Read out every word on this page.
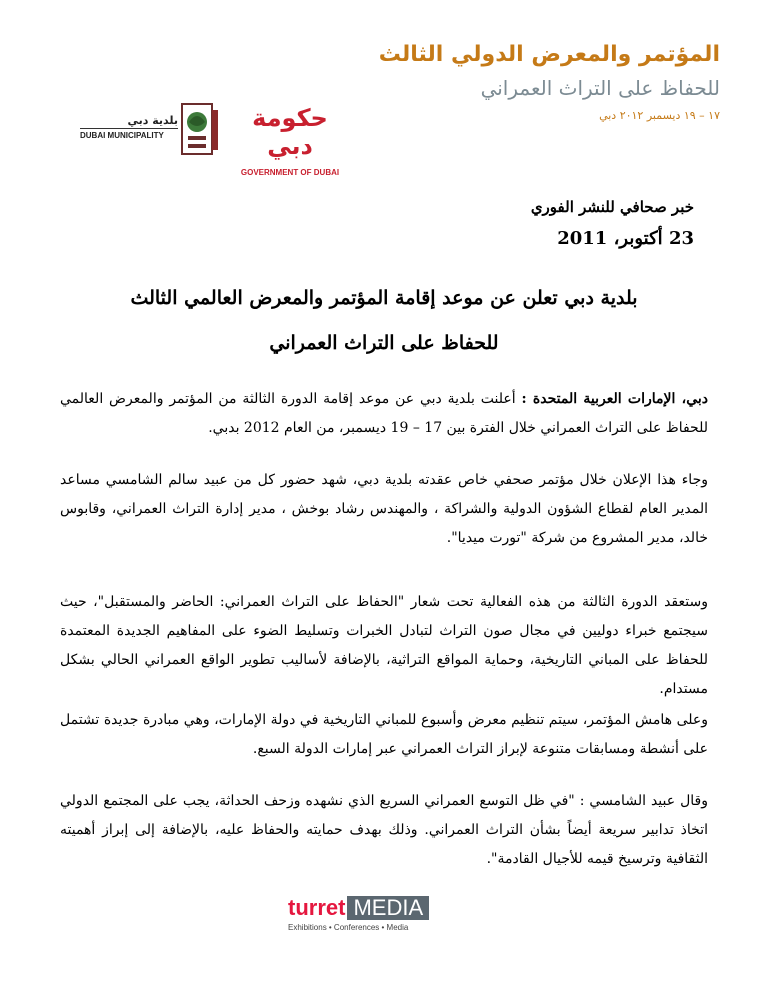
بلدية دبي
DUBAI MUNICIPALITY
حكومة دبي
GOVERNMENT OF DUBAI
المؤتمر والمعرض الدولي الثالث
للحفاظ على التراث العمراني
١٧ – ١٩ ديسمبر ٢٠١٢ دبي
خبر صحافي للنشر الفوري
23 أكتوبر، 2011
بلدية دبي تعلن عن موعد إقامة المؤتمر والمعرض العالمي الثالث
للحفاظ على التراث العمراني
دبي، الإمارات العربية المتحدة : أعلنت بلدية دبي عن موعد إقامة الدورة الثالثة من المؤتمر والمعرض العالمي للحفاظ على التراث العمراني خلال الفترة بين 17 – 19 ديسمبر، من العام 2012 بدبي.
وجاء هذا الإعلان خلال مؤتمر صحفي خاص عقدته بلدية دبي، شهد حضور كل من عبيد سالم الشامسي مساعد المدير العام لقطاع الشؤون الدولية والشراكة ، والمهندس رشاد بوخش ، مدير إدارة التراث العمراني، وقابوس خالد، مدير المشروع من شركة "تورت ميديا".
وستعقد الدورة الثالثة من هذه الفعالية تحت شعار "الحفاظ على التراث العمراني: الحاضر والمستقبل"، حيث سيجتمع خبراء دوليين في مجال صون التراث لتبادل الخبرات وتسليط الضوء على المفاهيم الجديدة المعتمدة للحفاظ على المباني التاريخية، وحماية المواقع التراثية، بالإضافة لأساليب تطوير الواقع العمراني الحالي بشكل مستدام.
وعلى هامش المؤتمر، سيتم تنظيم معرض وأسبوع للمباني التاريخية في دولة الإمارات، وهي مبادرة جديدة تشتمل على أنشطة ومسابقات متنوعة لإبراز التراث العمراني عبر إمارات الدولة السبع.
وقال عبيد الشامسي : "في ظل التوسع العمراني السريع الذي نشهده وزحف الحداثة، يجب على المجتمع الدولي اتخاذ تدابير سريعة أيضاً بشأن التراث العمراني. وذلك بهدف حمايته والحفاظ عليه، بالإضافة إلى إبراز أهميته الثقافية وترسيخ قيمه للأجيال القادمة".
turret MEDIA
Exhibitions • Conferences • Media
